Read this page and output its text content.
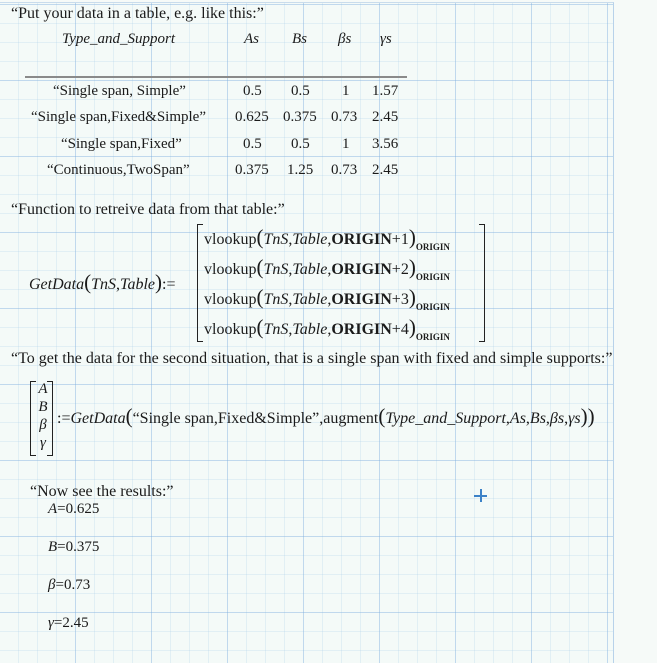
“Put your data in a table, e.g. like this:”
Type_and_Support	As Bs βs γs
“Single span, Simple”	0.5 0.5 1 1.57
“Single span,Fixed&Simple” 0.625 0.375 0.73 2.45
“Single span,Fixed”	0.5 0.5 1 3.56
“Continuous,TwoSpan”	0.375 1.25 0.73 2.45
“Function to retreive data from that table:”
GetData(TnS,Table):=
$vlookup(TnS,Table,ORIGIN+1)_{ORIGIN}$
$vlookup(TnS,Table,ORIGIN+2)_{ORIGIN}$
$vlookup(TnS,Table,ORIGIN+3)_{ORIGIN}$
$vlookup(TnS,Table,ORIGIN+4)_{ORIGIN}$
“To get the data for the second situation, that is a single span with fixed and simple supports:”
A
B
β
γ
:=GetData(“Single span,Fixed&Simple”,augment(Type_and_Support,As,Bs,βs,γs))
“Now see the results:”
A=0.625
B=0.375
β=0.73
γ=2.45
